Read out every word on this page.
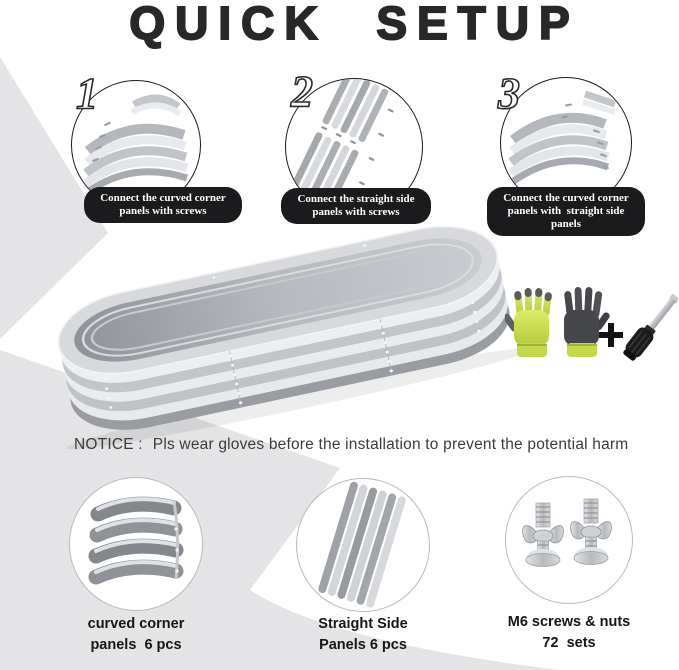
QUICK SETUP
1
Connect the curved corner panels with screws
2
Connect the straight side panels with screws
3
Connect the curved corner panels with  straight side panels
NOTICE : Pls wear gloves before the installation to prevent the potential harm
curved corner
panels  6 pcs
Straight Side
Panels 6 pcs
M6 screws & nuts
72  sets
